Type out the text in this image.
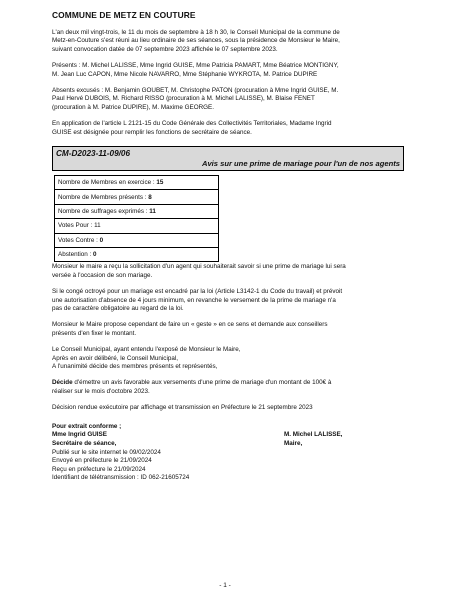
COMMUNE DE METZ EN COUTURE

L'an deux mil vingt-trois, le 11 du mois de septembre à 18 h 30, le Conseil Municipal de la commune de

Metz-en-Couture s'est réuni au lieu ordinaire de ses séances, sous la présidence de Monsieur le Maire,

suivant convocation datée de 07 septembre 2023 affichée le 07 septembre 2023.

Présents : M. Michel LALISSE, Mme Ingrid GUISE, Mme Patricia PAMART, Mme Béatrice MONTIGNY,

M. Jean Luc CAPON, Mme Nicole NAVARRO, Mme Stéphanie WYKROTA, M. Patrice DUPIRE

Absents excusés : M. Benjamin GOUBET, M. Christophe PATON (procuration à Mme Ingrid GUISE, M.

Paul Hervé DUBOIS, M. Richard RISSO (procuration à M. Michel LALISSE), M. Blaise FENET

(procuration à M. Patrice DUPIRE), M. Maxime GEORGE.

En application de l'article L 2121-15 du Code Générale des Collectivités Territoriales, Madame Ingrid

GUISE est désignée pour remplir les fonctions de secrétaire de séance.

CM-D2023-11-09/06
Avis sur une prime de mariage pour l'un de nos agents
Nombre de Membres en exercice : 15
Nombre de Membres présents : 8
Nombre de suffrages exprimés : 11
Votes Pour : 11
Votes Contre : 0
Abstention : 0

Monsieur le maire a reçu la sollicitation d'un agent qui souhaiterait savoir si une prime de mariage lui sera

versée à l'occasion de son mariage.

Si le congé octroyé pour un mariage est encadré par la loi (Article L3142-1 du Code du travail) et prévoit

une autorisation d'absence de 4 jours minimum, en revanche le versement de la prime de mariage n'a

pas de caractère obligatoire au regard de la loi.

Monsieur le Maire propose cependant de faire un « geste » en ce sens et demande aux conseillers

présents d'en fixer le montant.

Le Conseil Municipal, ayant entendu l'exposé de Monsieur le Maire,

Après en avoir délibéré, le Conseil Municipal,

A l'unanimité décide des membres présents et représentés,

Décide d'émettre un avis favorable aux versements d'une prime de mariage d'un montant de 100€ à

réaliser sur le mois d'octobre 2023.

Décision rendue exécutoire par affichage et transmission en Préfecture le 21 septembre 2023

Pour extrait conforme ;

Mme Ingrid GUISE

Secrétaire de séance,

M. Michel LALISSE,

Maire,

Publié sur le site internet le 09/02/2024

Envoyé en préfecture le 21/09/2024

Reçu en préfecture le 21/09/2024

Identifiant de télétransmission : ID 062-21605724

- 1 -
